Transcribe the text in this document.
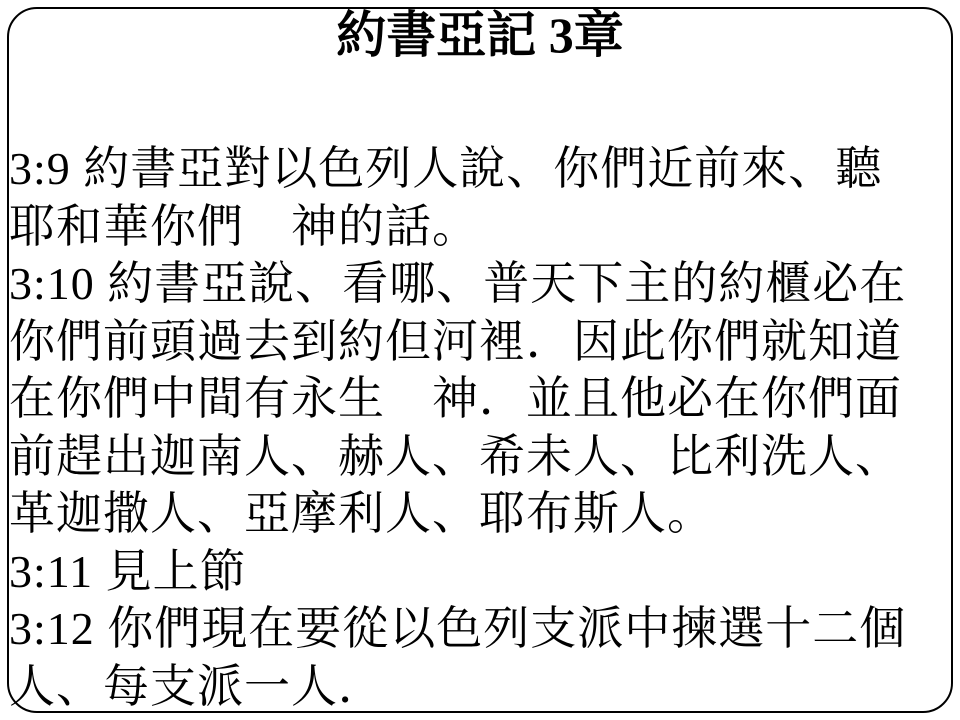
約書亞記 3章
3:9 約書亞對以色列人說、你們近前來、聽
耶和華你們　神的話。
3:10 約書亞說、看哪、普天下主的約櫃必在
你們前頭過去到約但河裡．因此你們就知道
在你們中間有永生　神．並且他必在你們面
前趕出迦南人、赫人、希未人、比利洗人、
革迦撒人、亞摩利人、耶布斯人。
3:11 見上節
3:12 你們現在要從以色列支派中揀選十二個
人、每支派一人．
